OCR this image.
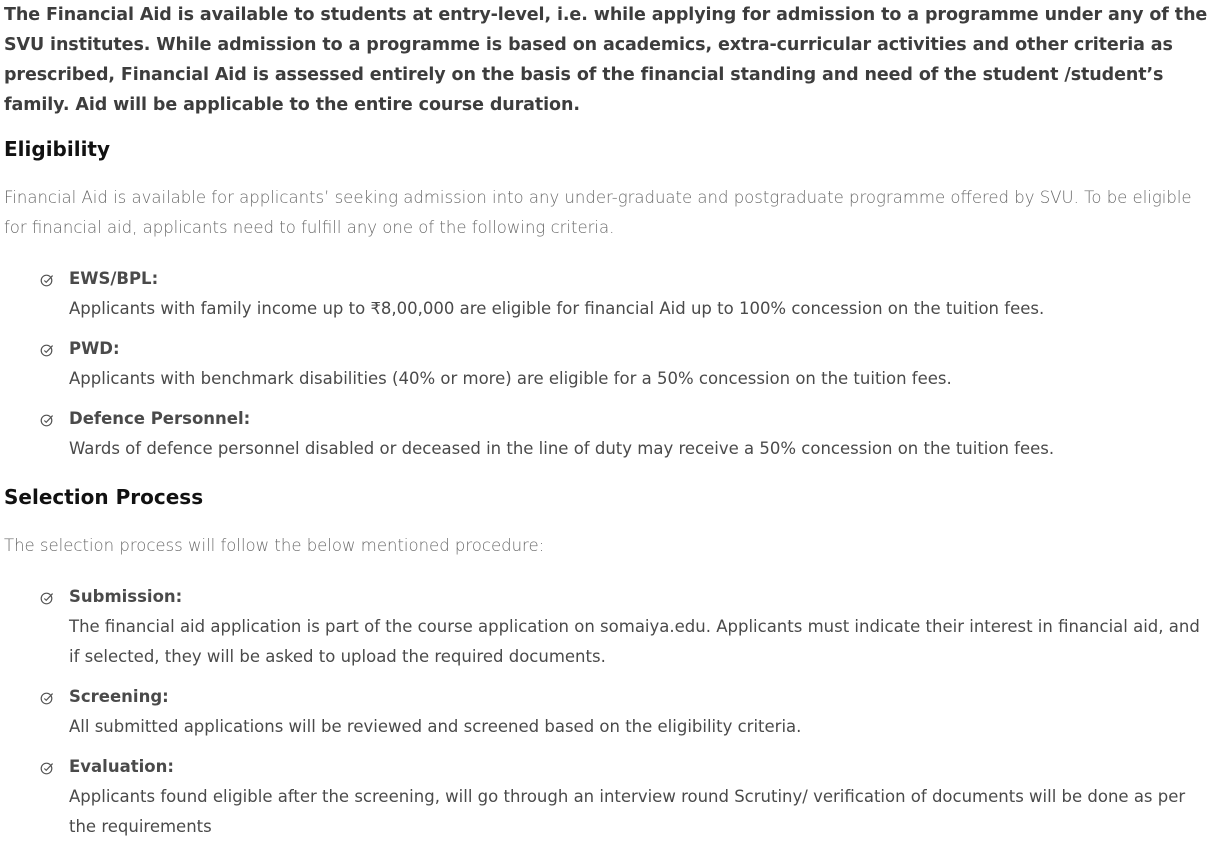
The Financial Aid is available to students at entry-level, i.e. while applying for admission to a programme under any of the SVU institutes. While admission to a programme is based on academics, extra-curricular activities and other criteria as prescribed, Financial Aid is assessed entirely on the basis of the financial standing and need of the student /student’s family. Aid will be applicable to the entire course duration.

Eligibility

Financial Aid is available for applicants’ seeking admission into any under-graduate and postgraduate programme offered by SVU. To be eligible for financial aid, applicants need to fulfill any one of the following criteria.

EWS/BPL:
Applicants with family income up to ₹8,00,000 are eligible for financial Aid up to 100% concession on the tuition fees.
PWD:
Applicants with benchmark disabilities (40% or more) are eligible for a 50% concession on the tuition fees.
Defence Personnel:
Wards of defence personnel disabled or deceased in the line of duty may receive a 50% concession on the tuition fees.
Selection Process

The selection process will follow the below mentioned procedure:

Submission:
The financial aid application is part of the course application on somaiya.edu. Applicants must indicate their interest in financial aid, and if selected, they will be asked to upload the required documents.
Screening:
All submitted applications will be reviewed and screened based on the eligibility criteria.
Evaluation:
Applicants found eligible after the screening, will go through an interview round Scrutiny/ verification of documents will be done as per the requirements
